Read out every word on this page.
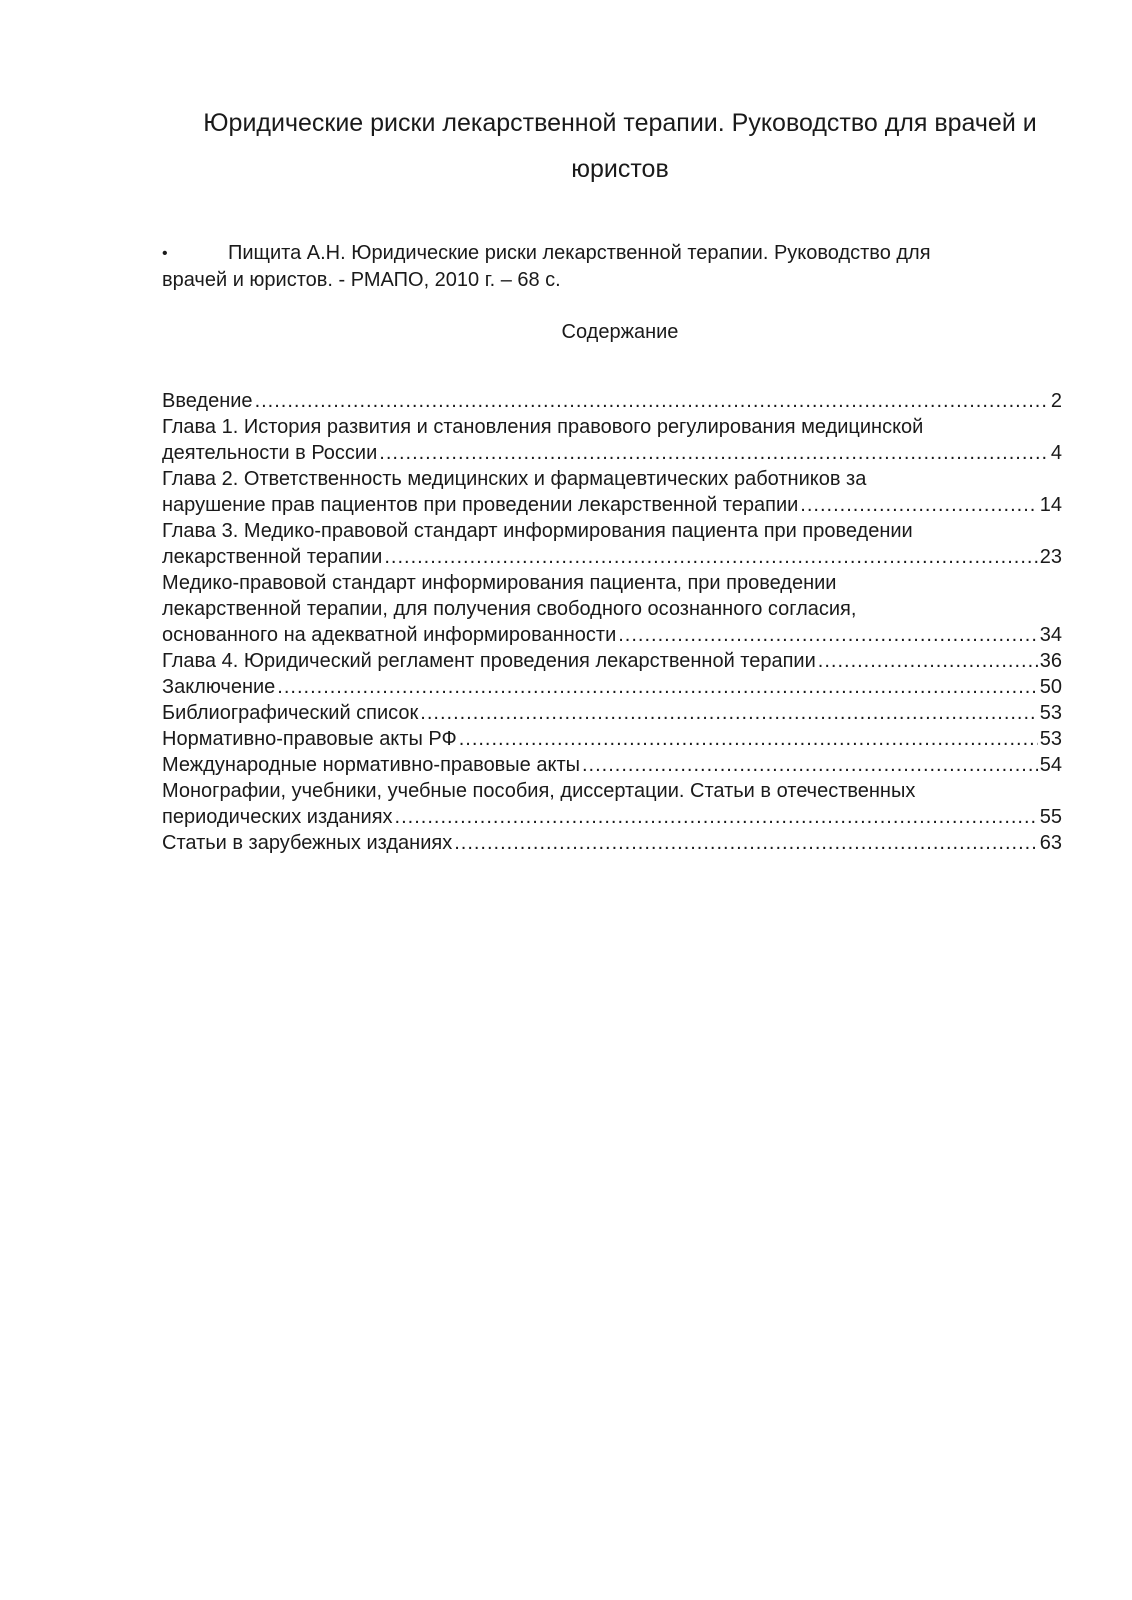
Юридические риски лекарственной терапии. Руководство для врачей и
юристов

•	Пищита А.Н. Юридические риски лекарственной терапии. Руководство для
врачей и юристов. - РМАПО, 2010 г. – 68 с.

Содержание
Введение .....	2
Глава 1. История развития и становления правового регулирования медицинской
деятельности в России .....	4
Глава 2. Ответственность медицинских и фармацевтических работников за
нарушение прав пациентов при проведении лекарственной терапии .....	14
Глава 3. Медико-правовой стандарт информирования пациента при проведении
лекарственной терапии .....	23
Медико-правовой стандарт информирования пациента, при проведении
лекарственной терапии, для получения свободного осознанного согласия,
основанного на адекватной информированности .....	34
Глава 4. Юридический регламент проведения лекарственной терапии .....	36
Заключение .....	50
Библиографический список .....	53
Нормативно-правовые акты РФ .....	53
Международные нормативно-правовые акты .....	54
Монографии, учебники, учебные пособия, диссертации. Статьи в отечественных
периодических изданиях .....	55
Статьи в зарубежных изданиях .....	63
